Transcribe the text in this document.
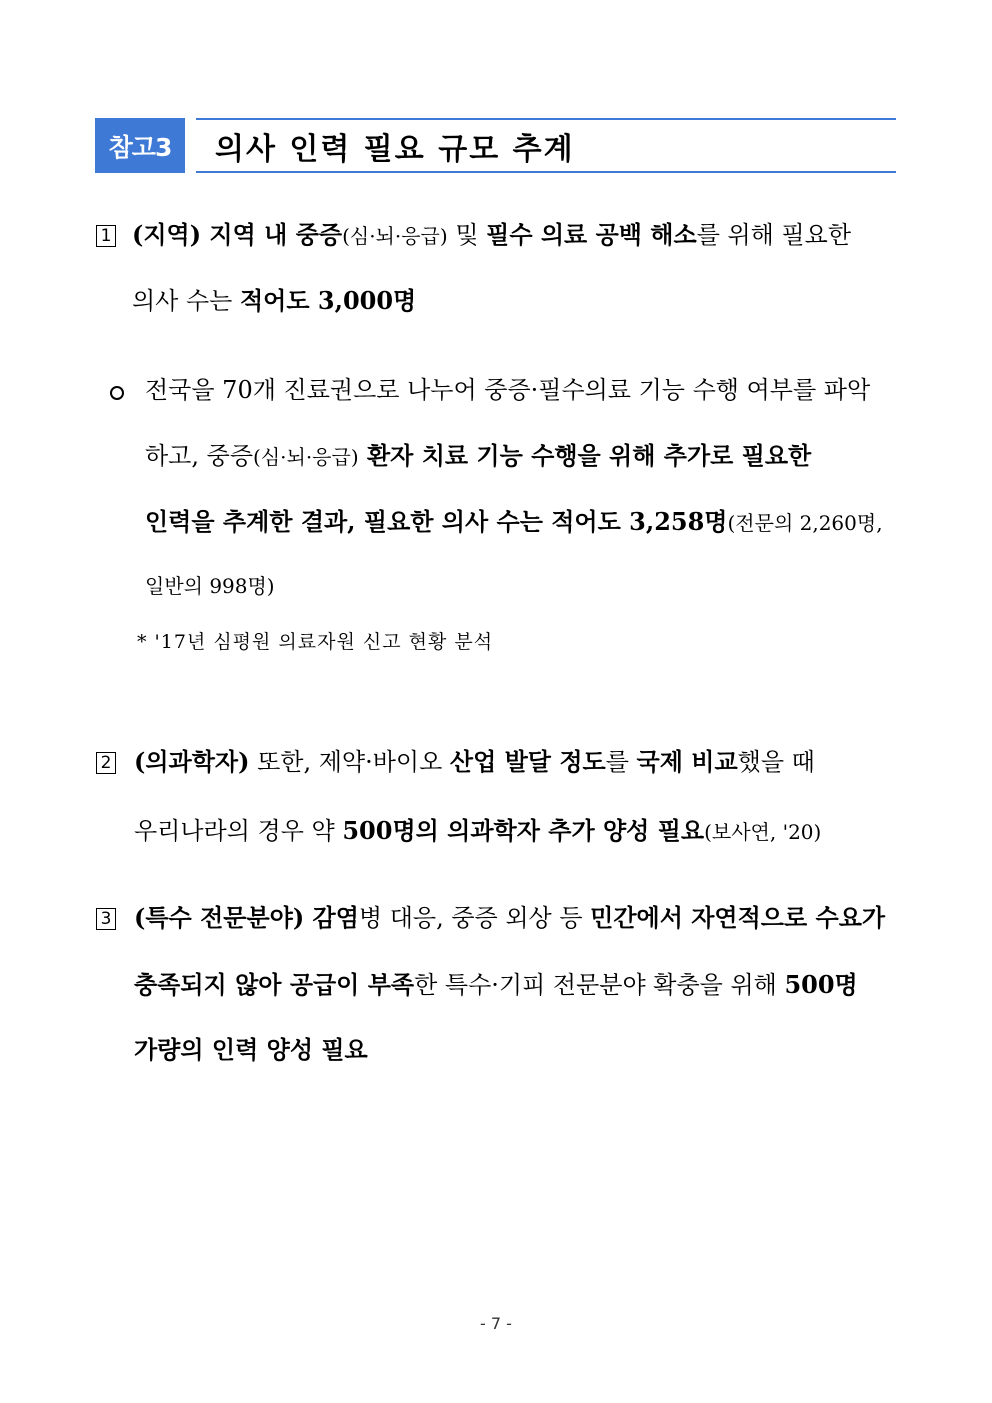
참고3	의사 인력 필요 규모 추계
1 (지역) 지역 내 중증(심·뇌·응급) 및 필수 의료 공백 해소를 위해 필요한
의사 수는 적어도 3,000명
전국을 70개 진료권으로 나누어 중증·필수의료 기능 수행 여부를 파악
하고, 중증(심·뇌·응급) 환자 치료 기능 수행을 위해 추가로 필요한
인력을 추계한 결과, 필요한 의사 수는 적어도 3,258명(전문의 2,260명,
일반의 998명)
* '17년 심평원 의료자원 신고 현황 분석
2 (의과학자) 또한, 제약·바이오 산업 발달 정도를 국제 비교했을 때
우리나라의 경우 약 500명의 의과학자 추가 양성 필요(보사연, '20)
3 (특수 전문분야) 감염병 대응, 중증 외상 등 민간에서 자연적으로 수요가
충족되지 않아 공급이 부족한 특수·기피 전문분야 확충을 위해 500명
가량의 인력 양성 필요
- 7 -
